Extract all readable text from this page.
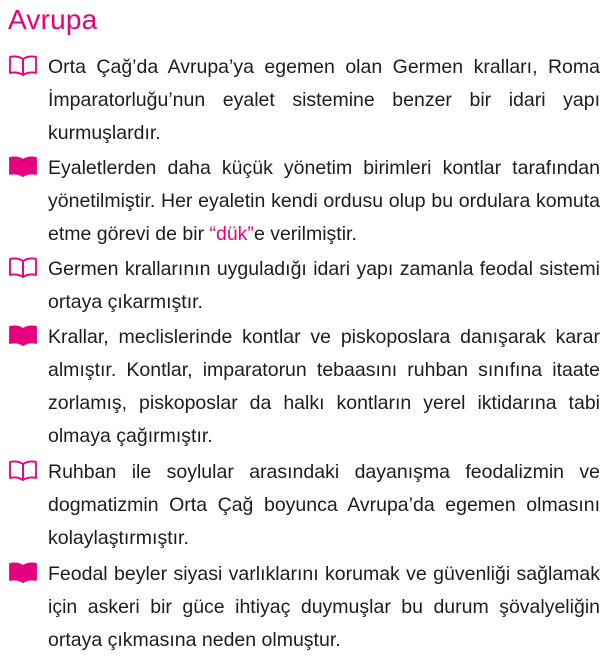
Avrupa
Orta Çağ’da Avrupa’ya egemen olan Germen kralları, Roma İmparatorluğu’nun eyalet sistemine benzer bir idari yapı kurmuşlardır.
Eyaletlerden daha küçük yönetim birimleri kontlar tarafından yönetilmiştir. Her eyaletin kendi ordusu olup bu ordulara komuta etme görevi de bir “dük”e verilmiştir.
Germen krallarının uyguladığı idari yapı zamanla feodal sistemi ortaya çıkarmıştır.
Krallar, meclislerinde kontlar ve piskoposlara danışarak karar almıştır. Kontlar, imparatorun tebaasını ruhban sınıfına itaate zorlamış, piskoposlar da halkı kontların yerel iktidarına tabi olmaya çağırmıştır.
Ruhban ile soylular arasındaki dayanışma feodalizmin ve dogmatizmin Orta Çağ boyunca Avrupa’da egemen olmasını kolaylaştırmıştır.
Feodal beyler siyasi varlıklarını korumak ve güvenliği sağlamak için askeri bir güce ihtiyaç duymuşlar bu durum şövalyeliğin ortaya çıkmasına neden olmuştur.
